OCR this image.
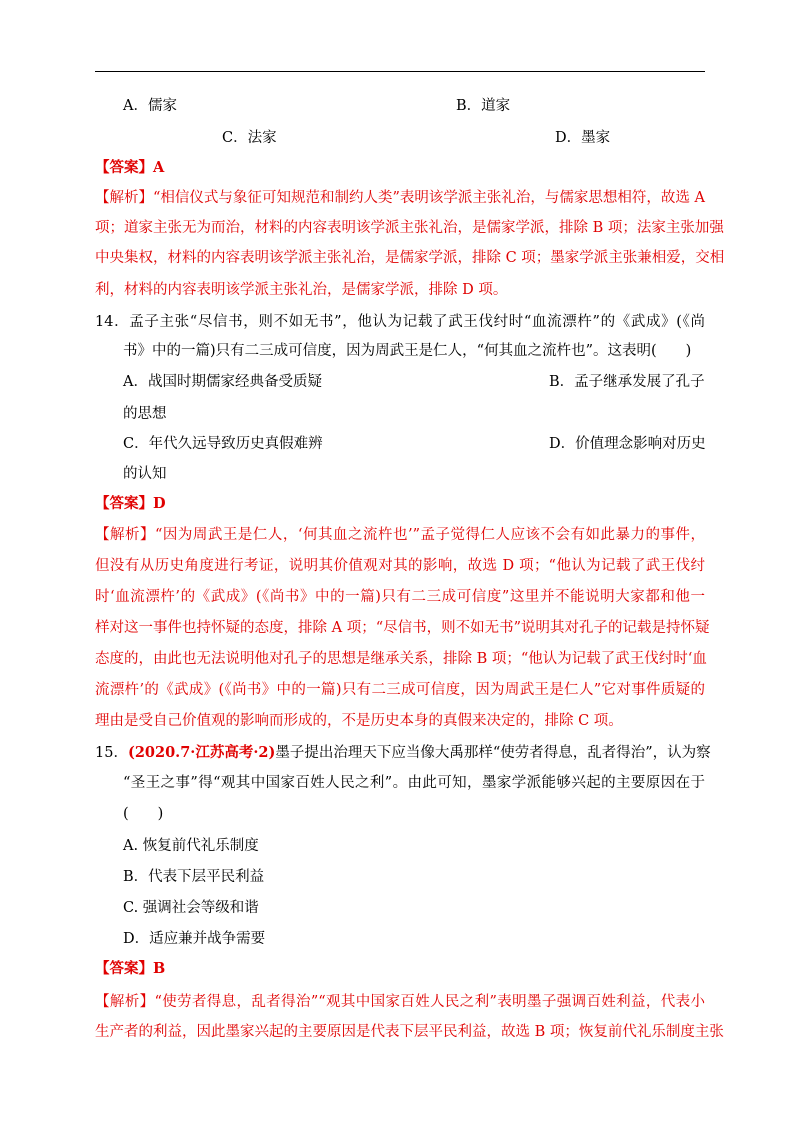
A．儒家	B．道家
C．法家	D．墨家
【答案】A
【解析】“相信仪式与象征可知规范和制约人类”表明该学派主张礼治，与儒家思想相符，故选 A
项；道家主张无为而治，材料的内容表明该学派主张礼治，是儒家学派，排除 B 项；法家主张加强
中央集权，材料的内容表明该学派主张礼治，是儒家学派，排除 C 项；墨家学派主张兼相爱，交相
利，材料的内容表明该学派主张礼治，是儒家学派，排除 D 项。
14．孟子主张“尽信书，则不如无书”，他认为记载了武王伐纣时“血流漂杵”的《武成》(《尚
书》中的一篇)只有二三成可信度，因为周武王是仁人，“何其血之流杵也”。这表明(　　)
A．战国时期儒家经典备受质疑	B．孟子继承发展了孔子
的思想
C．年代久远导致历史真假难辨	D．价值理念影响对历史
的认知
【答案】D
【解析】“因为周武王是仁人，‘何其血之流杵也’”孟子觉得仁人应该不会有如此暴力的事件，
但没有从历史角度进行考证，说明其价值观对其的影响，故选 D 项；“他认为记载了武王伐纣
时‘血流漂杵’的《武成》(《尚书》中的一篇)只有二三成可信度”这里并不能说明大家都和他一
样对这一事件也持怀疑的态度，排除 A 项；“尽信书，则不如无书”说明其对孔子的记载是持怀疑
态度的，由此也无法说明他对孔子的思想是继承关系，排除 B 项；“他认为记载了武王伐纣时‘血
流漂杵’的《武成》(《尚书》中的一篇)只有二三成可信度，因为周武王是仁人”它对事件质疑的
理由是受自己价值观的影响而形成的，不是历史本身的真假来决定的，排除 C 项。
15．(2020.7·江苏高考·2) 墨子提出治理天下应当像大禹那样“使劳者得息，乱者得治”，认为察
“圣王之事”得“观其中国家百姓人民之利”。由此可知，墨家学派能够兴起的主要原因在于
(　　)
A. 恢复前代礼乐制度
B．代表下层平民利益
C. 强调社会等级和谐
D．适应兼并战争需要
【答案】B
【解析】“使劳者得息，乱者得治”“观其中国家百姓人民之利”表明墨子强调百姓利益，代表小
生产者的利益，因此墨家兴起的主要原因是代表下层平民利益，故选 B 项；恢复前代礼乐制度主张
